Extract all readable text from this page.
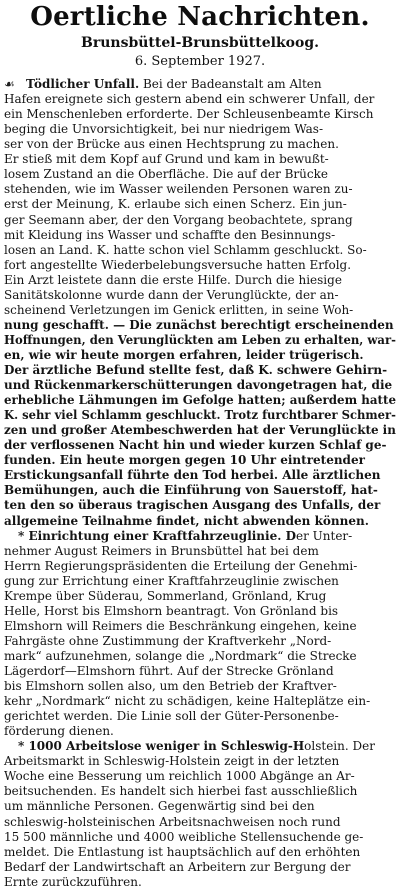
Oertliche Nachrichten.
Brunsbüttel-Brunsbüttelkoog.
6. September 1927.
☙ Tödlicher Unfall. Bei der Badeanstalt am Alten
Hafen ereignete sich gestern abend ein schwerer Unfall, der
ein Menschenleben erforderte. Der Schleusenbeamte Kirsch
beging die Unvorsichtigkeit, bei nur niedrigem Was-
ser von der Brücke aus einen Hechtsprung zu machen.
Er stieß mit dem Kopf auf Grund und kam in bewußt-
losem Zustand an die Oberfläche. Die auf der Brücke
stehenden, wie im Wasser weilenden Personen waren zu-
erst der Meinung, K. erlaube sich einen Scherz. Ein jun-
ger Seemann aber, der den Vorgang beobachtete, sprang
mit Kleidung ins Wasser und schaffte den Besinnungs-
losen an Land. K. hatte schon viel Schlamm geschluckt. So-
fort angestellte Wiederbelebungsversuche hatten Erfolg.
Ein Arzt leistete dann die erste Hilfe. Durch die hiesige
Sanitätskolonne wurde dann der Verunglückte, der an-
scheinend Verletzungen im Genick erlitten, in seine Woh-
nung geschafft. — Die zunächst berechtigt erscheinenden
Hoffnungen, den Verunglückten am Leben zu erhalten, war-
en, wie wir heute morgen erfahren, leider trügerisch.
Der ärztliche Befund stellte fest, daß K. schwere Gehirn-
und Rückenmarkerschütterungen davongetragen hat, die
erhebliche Lähmungen im Gefolge hatten; außerdem hatte
K. sehr viel Schlamm geschluckt. Trotz furchtbarer Schmer-
zen und großer Atembeschwerden hat der Verunglückte in
der verflossenen Nacht hin und wieder kurzen Schlaf ge-
funden. Ein heute morgen gegen 10 Uhr eintretender
Erstickungsanfall führte den Tod herbei. Alle ärztlichen
Bemühungen, auch die Einführung von Sauerstoff, hat-
ten den so überaus tragischen Ausgang des Unfalls, der
allgemeine Teilnahme findet, nicht abwenden können.
* Einrichtung einer Kraftfahrzeuglinie. Der Unter-
nehmer August Reimers in Brunsbüttel hat bei dem
Herrn Regierungspräsidenten die Erteilung der Genehmi-
gung zur Errichtung einer Kraftfahrzeuglinie zwischen
Krempe über Süderau, Sommerland, Grönland, Krug
Helle, Horst bis Elmshorn beantragt. Von Grönland bis
Elmshorn will Reimers die Beschränkung eingehen, keine
Fahrgäste ohne Zustimmung der Kraftverkehr „Nord-
mark“ aufzunehmen, solange die „Nordmark“ die Strecke
Lägerdorf—Elmshorn führt. Auf der Strecke Grönland
bis Elmshorn sollen also, um den Betrieb der Kraftver-
kehr „Nordmark“ nicht zu schädigen, keine Halteplätze ein-
gerichtet werden. Die Linie soll der Güter-Personenbe-
förderung dienen.
* 1000 Arbeitslose weniger in Schleswig-Holstein. Der
Arbeitsmarkt in Schleswig-Holstein zeigt in der letzten
Woche eine Besserung um reichlich 1000 Abgänge an Ar-
beitsuchenden. Es handelt sich hierbei fast ausschließlich
um männliche Personen. Gegenwärtig sind bei den
schleswig-holsteinischen Arbeitsnachweisen noch rund
15 500 männliche und 4000 weibliche Stellensuchende ge-
meldet. Die Entlastung ist hauptsächlich auf den erhöhten
Bedarf der Landwirtschaft an Arbeitern zur Bergung der
Ernte zurückzuführen.
